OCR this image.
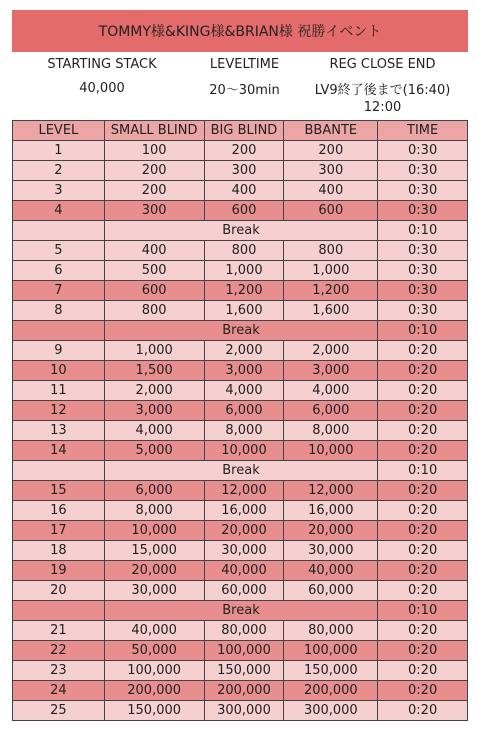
TOMMY様&KING様&BRIAN様 祝勝イベント
STARTING STACK	LEVELTIME	REG CLOSE END
40,000	20～30min	LV9終了後まで(16:40)
12:00
LEVEL	SMALL BLIND	BIG BLIND	BBANTE	TIME
1	100	200	200	0:30
2	200	300	300	0:30
3	200	400	400	0:30
4	300	600	600	0:30
	Break			0:10
5	400	800	800	0:30
6	500	1,000	1,000	0:30
7	600	1,200	1,200	0:30
8	800	1,600	1,600	0:30
	Break			0:10
9	1,000	2,000	2,000	0:20
10	1,500	3,000	3,000	0:20
11	2,000	4,000	4,000	0:20
12	3,000	6,000	6,000	0:20
13	4,000	8,000	8,000	0:20
14	5,000	10,000	10,000	0:20
	Break			0:10
15	6,000	12,000	12,000	0:20
16	8,000	16,000	16,000	0:20
17	10,000	20,000	20,000	0:20
18	15,000	30,000	30,000	0:20
19	20,000	40,000	40,000	0:20
20	30,000	60,000	60,000	0:20
	Break			0:10
21	40,000	80,000	80,000	0:20
22	50,000	100,000	100,000	0:20
23	100,000	150,000	150,000	0:20
24	200,000	200,000	200,000	0:20
25	150,000	300,000	300,000	0:20
